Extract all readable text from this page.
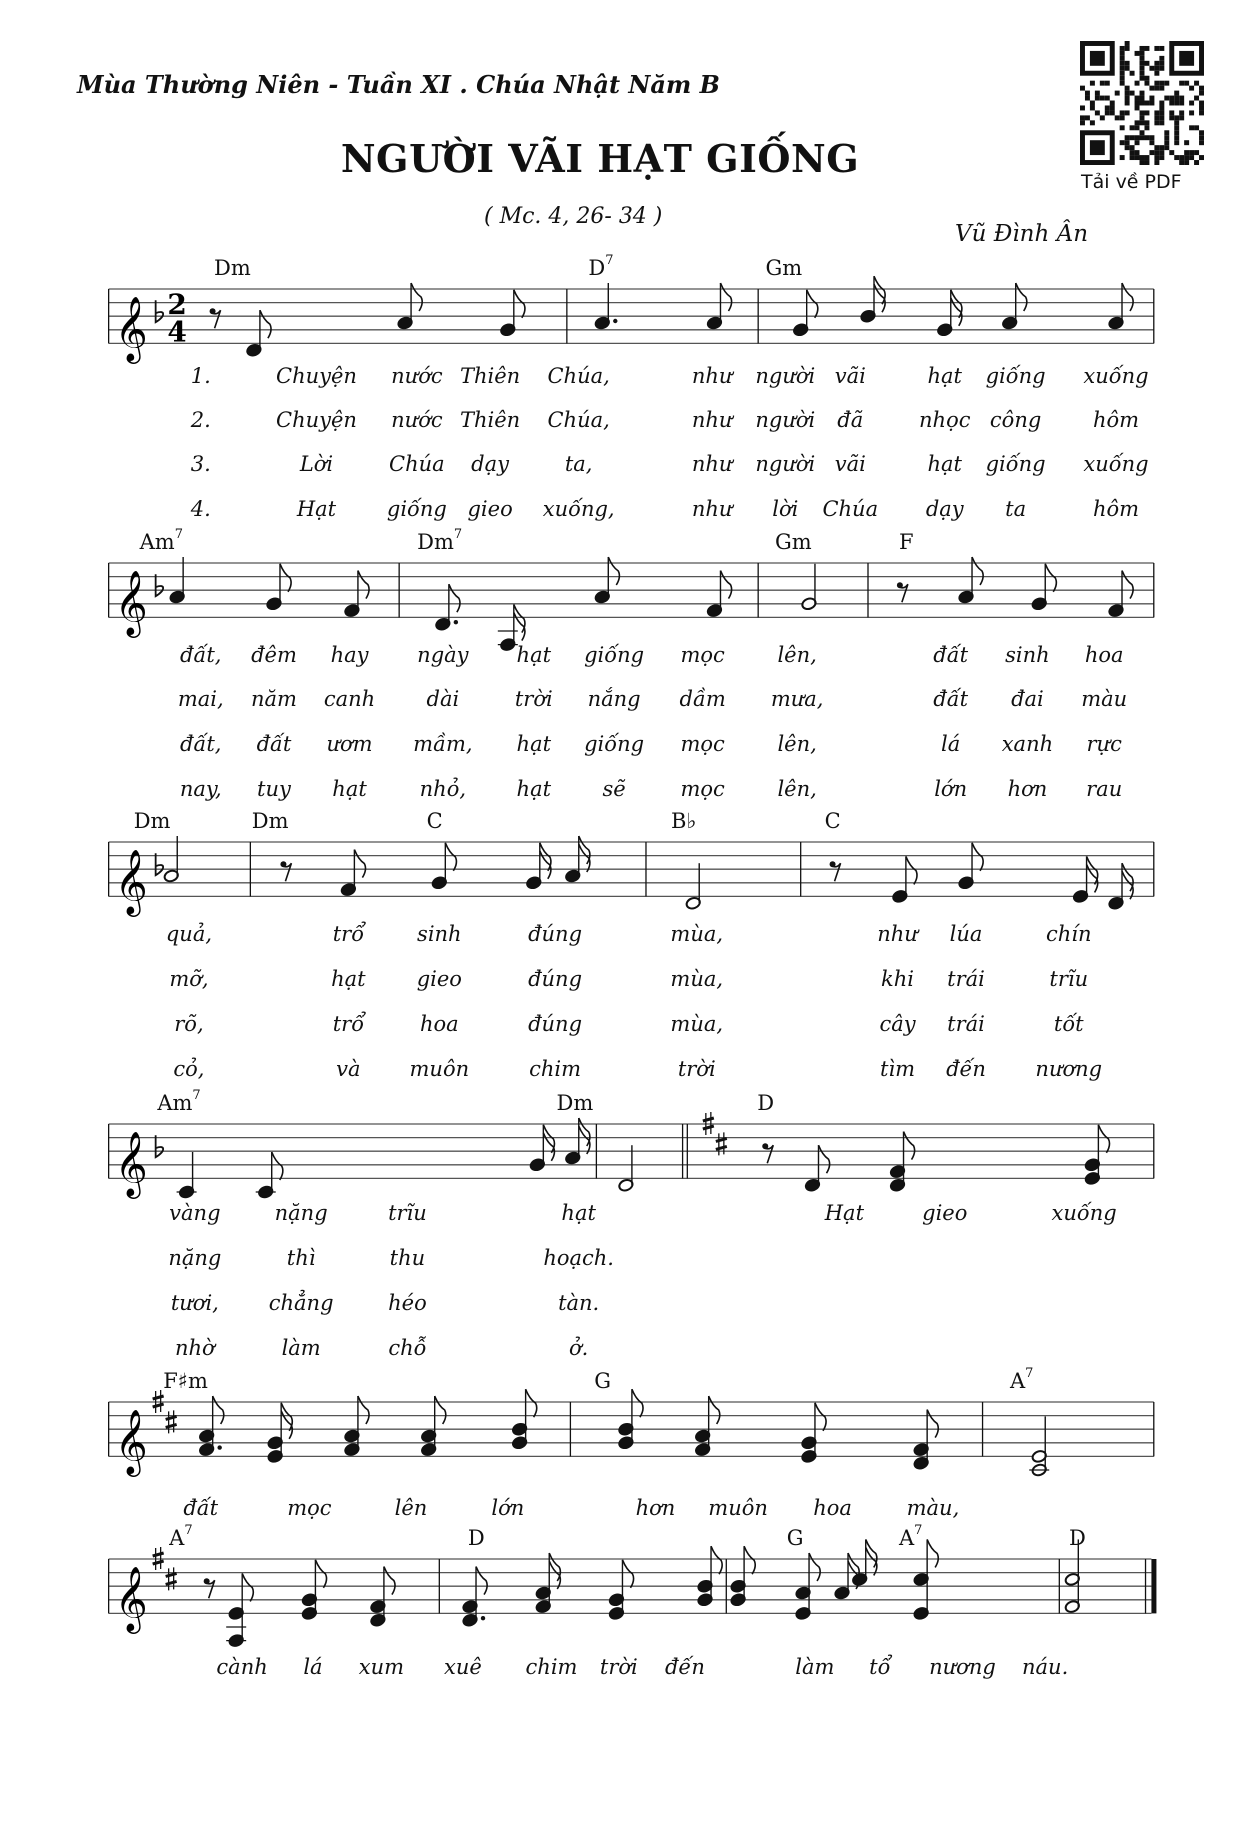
Mùa Thường Niên - Tuần XI . Chúa Nhật Năm B
NGƯỜI VÃI HẠT GIỐNG
( Mc. 4, 26- 34 )
Vũ Đình Ân
Tải về PDF
𝄞 2
4
Dm	$D^7$	Gm
1.	Chuyện nước Thiên Chúa,	như người vãi	hạt giống xuống
2.	Chuyện nước Thiên Chúa,	như người đã	nhọc công hôm
3.	Lời	Chúa dạy	ta,	như người vãi	hạt giống xuống
4.	Hạt giống gieo xuống,	như lời Chúa dạy ta	hôm
𝄞
Am$^7$	Dm$^7$	Gm	F
đất, đêm hay ngày hạt giống mọc	lên,	đất sinh hoa
mai, năm canh dài	trời nắng dầm mưa,	đất đai màu
đất, đất ươm mầm, hạt giống mọc	lên,	lá xanh rực
nay, tuy hạt	nhỏ, hạt sẽ	mọc	lên,	lớn hơn rau
𝄞
Dm	Dm	C	B♭	C
quả,	trổ	sinh	đúng	mùa,	như lúa	chín
mỡ,	hạt gieo	đúng	mùa,	khi trái	trĩu
rõ,	trổ	hoa	đúng	mùa,	cây trái	tốt
cỏ,	và muôn	chim	trời	tìm đến nương
𝄞
Am$^7$	Dm	D
vàng	nặng	trĩu	hạt	Hạt	gieo	xuống
nặng	thì	thu	hoạch.
tươi, chẳng	héo	tàn.
nhờ	làm	chỗ	ở.
𝄞
F♯m	G	$A^7$
đất	mọc	lên	lớn	hơn muôn hoa	màu,
𝄞
$A^7$	D	G	$A^7$	D
cành lá xum xuê chim trời đến	làm tổ nương náu.
